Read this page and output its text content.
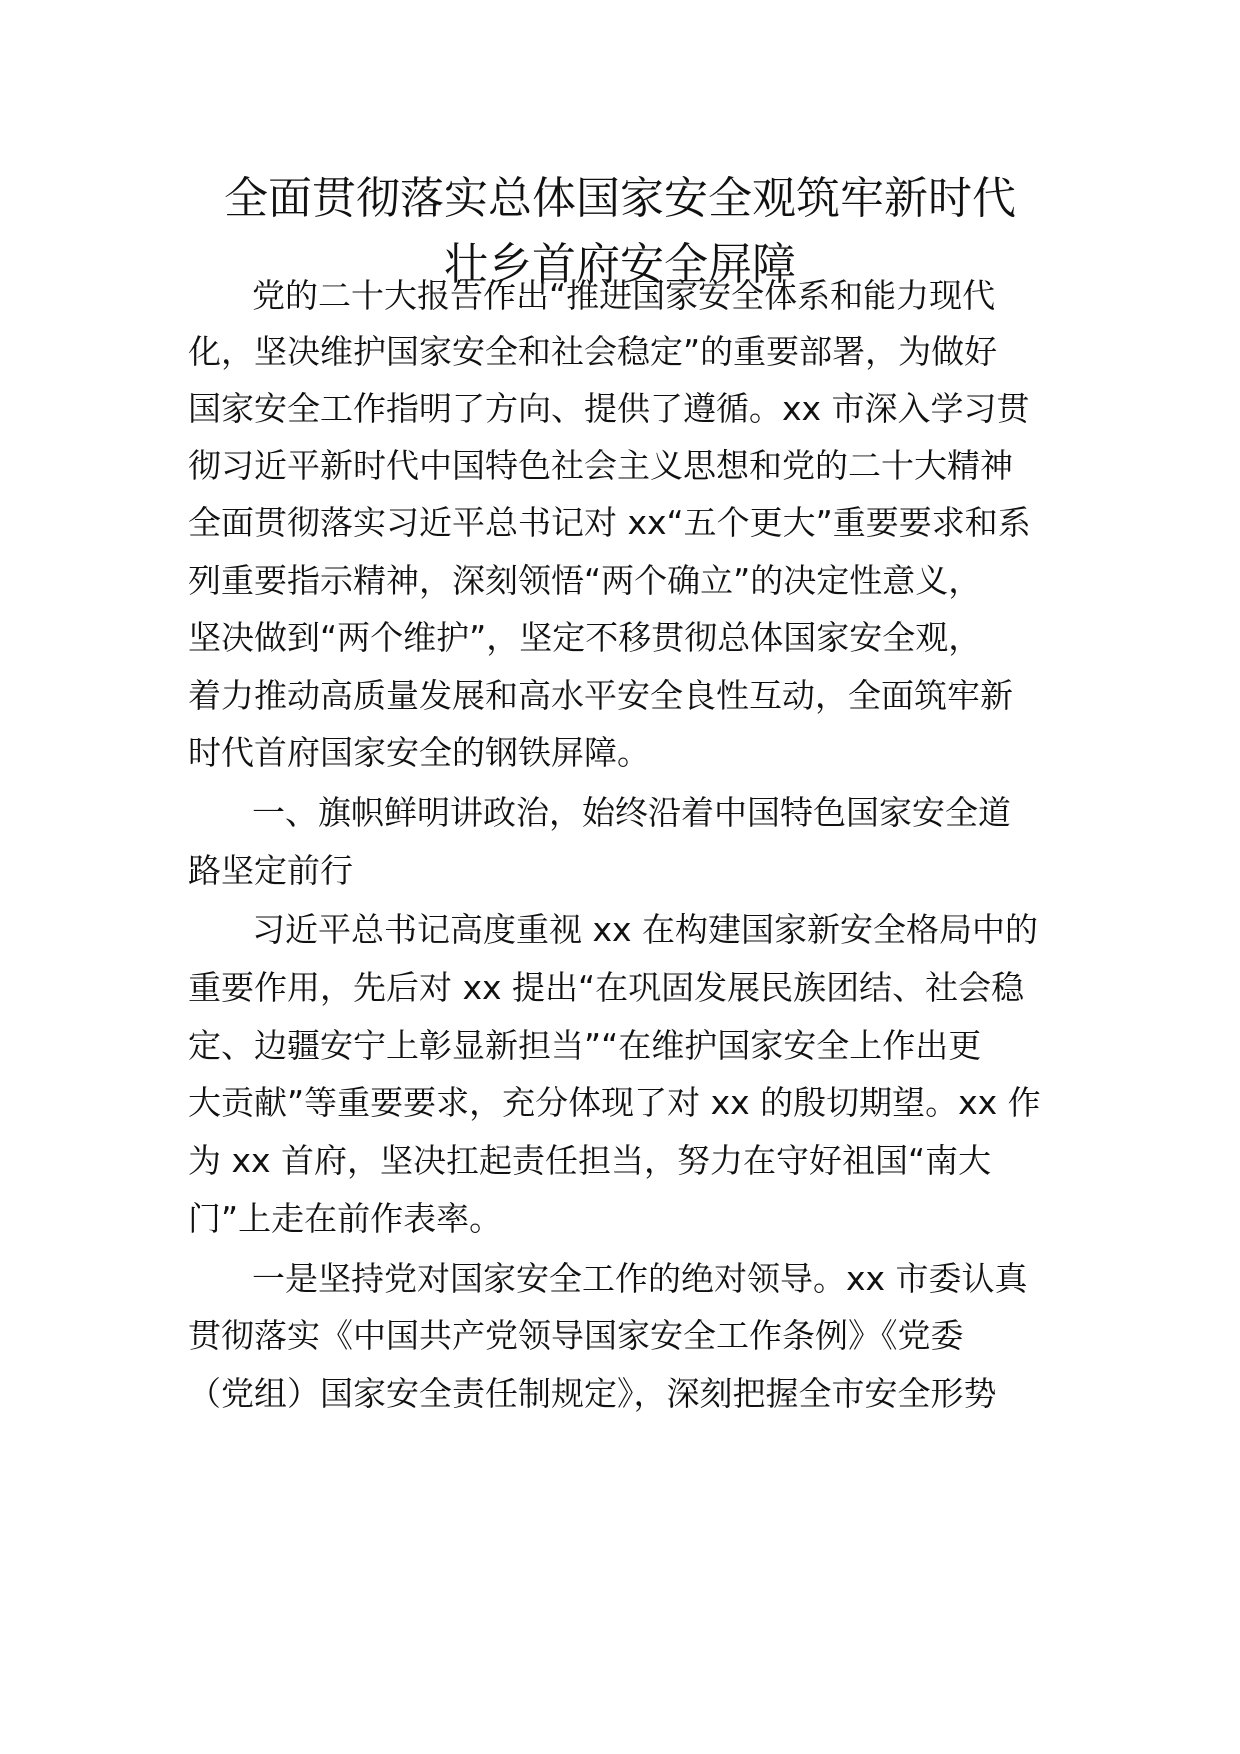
全面贯彻落实总体国家安全观筑牢新时代
壮乡首府安全屏障

党的二十大报告作出“推进国家安全体系和能力现代

化，坚决维护国家安全和社会稳定”的重要部署，为做好

国家安全工作指明了方向、提供了遵循。xx 市深入学习贯

彻习近平新时代中国特色社会主义思想和党的二十大精神

全面贯彻落实习近平总书记对 xx“五个更大”重要要求和系

列重要指示精神，深刻领悟“两个确立”的决定性意义，

坚决做到“两个维护”，坚定不移贯彻总体国家安全观，

着力推动高质量发展和高水平安全良性互动，全面筑牢新

时代首府国家安全的钢铁屏障。

一、旗帜鲜明讲政治，始终沿着中国特色国家安全道

路坚定前行

习近平总书记高度重视 xx 在构建国家新安全格局中的

重要作用，先后对 xx 提出“在巩固发展民族团结、社会稳

定、边疆安宁上彰显新担当”“在维护国家安全上作出更

大贡献”等重要要求，充分体现了对 xx 的殷切期望。xx 作

为 xx 首府，坚决扛起责任担当，努力在守好祖国“南大

门”上走在前作表率。

一是坚持党对国家安全工作的绝对领导。xx 市委认真

贯彻落实《中国共产党领导国家安全工作条例》《党委

（党组）国家安全责任制规定》，深刻把握全市安全形势
